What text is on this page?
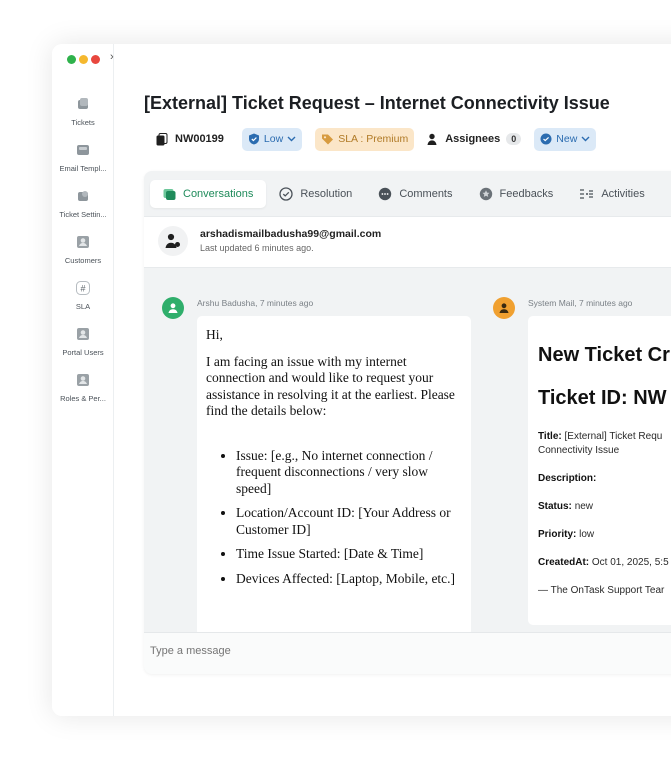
›
Tickets
Email Templ...
Ticket Settin...
Customers
#
SLA
Portal Users
Roles & Per...
[External] Ticket Request – Internet Connectivity Issue
NW00199	Low	SLA : Premium	Assignees	0	New
Conversations	Resolution	Comments	Feedbacks	Activities
arshadismailbadusha99@gmail.com
Last updated 6 minutes ago.
Arshu Badusha, 7 minutes ago

Hi,

I am facing an issue with my internet connection and would like to request your assistance in resolving it at the earliest. Please find the details below:

• Issue: [e.g., No internet connection / frequent disconnections / very slow speed]
• Location/Account ID: [Your Address or Customer ID]
• Time Issue Started: [Date & Time]
• Devices Affected: [Laptop, Mobile, etc.]
System Mail, 7 minutes ago
New Ticket Cr
Ticket ID: NW
Title: [External] Ticket Requ
Connectivity Issue
Description:
Status: new
Priority: low
CreatedAt: Oct 01, 2025, 5:5
— The OnTask Support Tear
Type a message
